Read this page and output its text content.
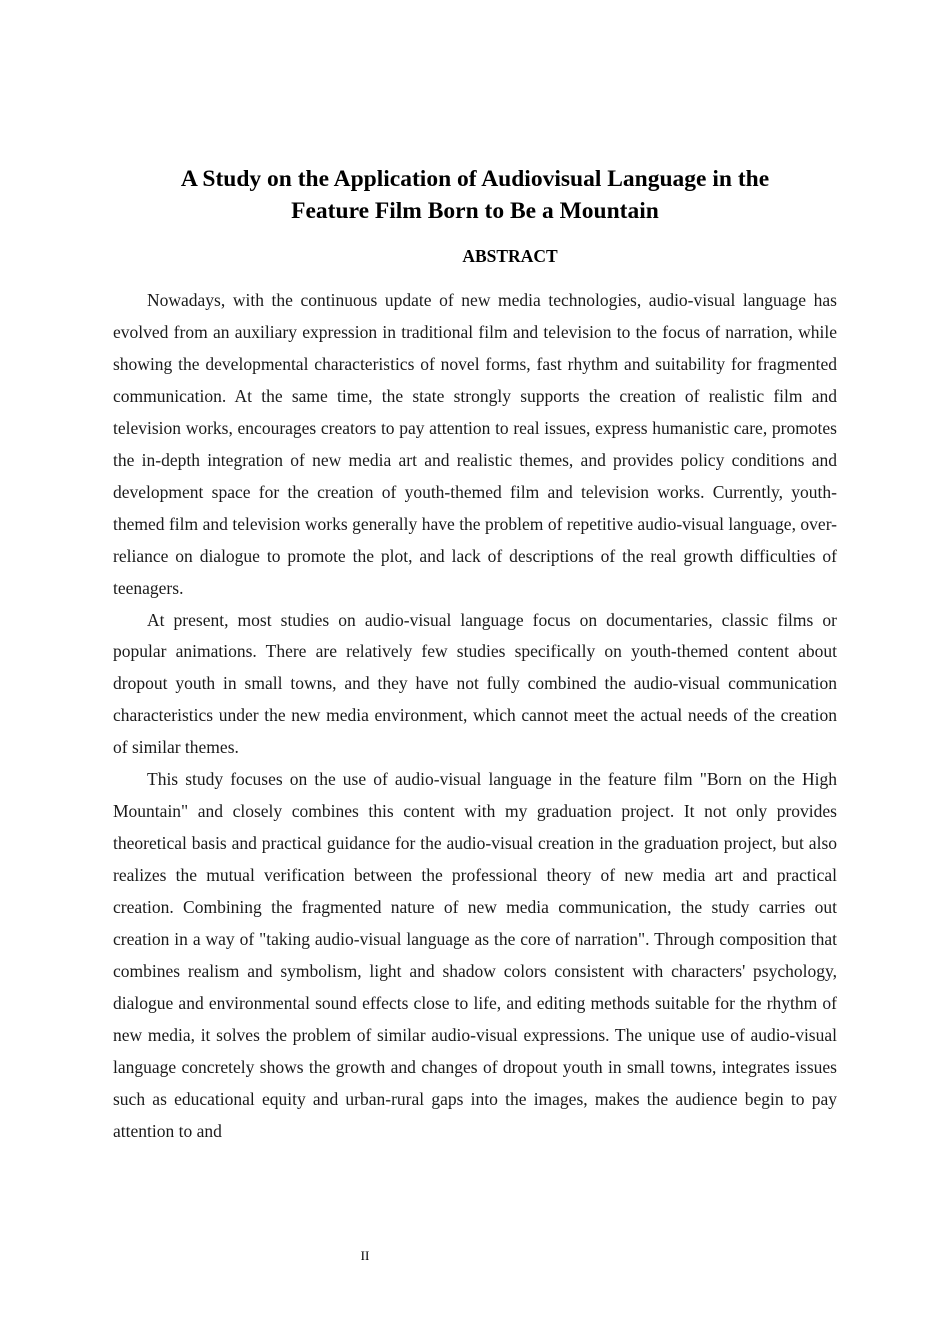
A Study on the Application of Audiovisual Language in the
Feature Film Born to Be a Mountain
ABSTRACT

Nowadays, with the continuous update of new media technologies, audio-visual language has evolved from an auxiliary expression in traditional film and television to the focus of narration, while showing the developmental characteristics of novel forms, fast rhythm and suitability for fragmented communication. At the same time, the state strongly supports the creation of realistic film and television works, encourages creators to pay attention to real issues, express humanistic care, promotes the in-depth integration of new media art and realistic themes, and provides policy conditions and development space for the creation of youth-themed film and television works. Currently, youth-themed film and television works generally have the problem of repetitive audio-visual language, over-reliance on dialogue to promote the plot, and lack of descriptions of the real growth difficulties of teenagers.

At present, most studies on audio-visual language focus on documentaries, classic films or popular animations. There are relatively few studies specifically on youth-themed content about dropout youth in small towns, and they have not fully combined the audio-visual communication characteristics under the new media environment, which cannot meet the actual needs of the creation of similar themes.

This study focuses on the use of audio-visual language in the feature film "Born on the High Mountain" and closely combines this content with my graduation project. It not only provides theoretical basis and practical guidance for the audio-visual creation in the graduation project, but also realizes the mutual verification between the professional theory of new media art and practical creation. Combining the fragmented nature of new media communication, the study carries out creation in a way of "taking audio-visual language as the core of narration". Through composition that combines realism and symbolism, light and shadow colors consistent with characters' psychology, dialogue and environmental sound effects close to life, and editing methods suitable for the rhythm of new media, it solves the problem of similar audio-visual expressions. The unique use of audio-visual language concretely shows the growth and changes of dropout youth in small towns, integrates issues such as educational equity and urban-rural gaps into the images, makes the audience begin to pay attention to and

II
